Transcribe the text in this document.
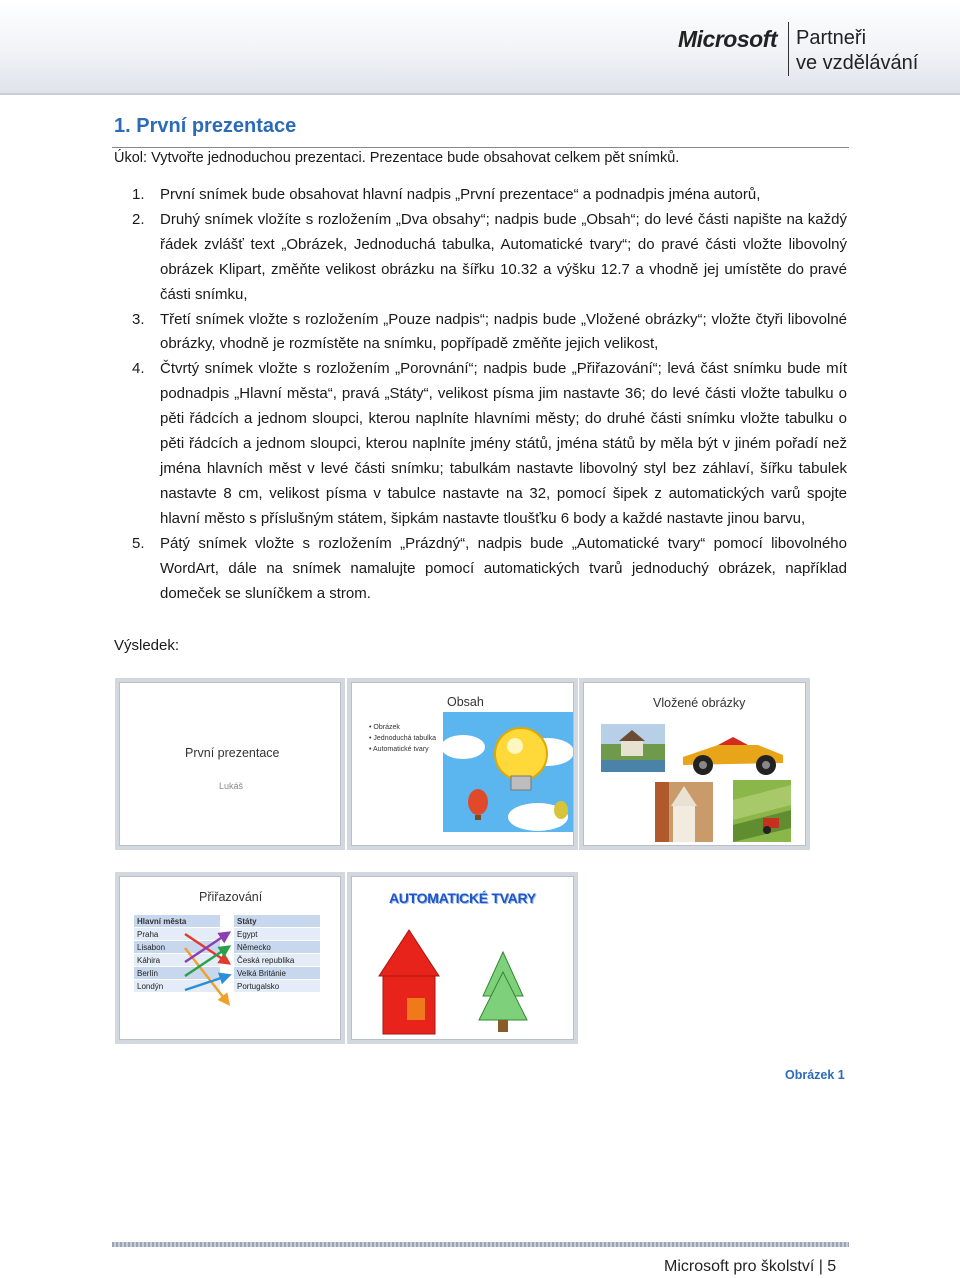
Microsoft Partneři
ve vzdělávání
1. První prezentace
Úkol: Vytvořte jednoduchou prezentaci. Prezentace bude obsahovat celkem pět snímků.
1. První snímek bude obsahovat hlavní nadpis „První prezentace“ a podnadpis jména autorů,
2. Druhý snímek vložíte s rozložením „Dva obsahy“; nadpis bude „Obsah“; do levé části napište na každý řádek zvlášť text „Obrázek, Jednoduchá tabulka, Automatické tvary“; do pravé části vložte libovolný obrázek Klipart, změňte velikost obrázku na šířku 10.32 a výšku 12.7 a vhodně jej umístěte do pravé části snímku,
3. Třetí snímek vložte s rozložením „Pouze nadpis“; nadpis bude „Vložené obrázky“; vložte čtyři libovolné obrázky, vhodně je rozmístěte na snímku, popřípadě změňte jejich velikost,
4. Čtvrtý snímek vložte s rozložením „Porovnání“; nadpis bude „Přiřazování“; levá část snímku bude mít podnadpis „Hlavní města“, pravá „Státy“, velikost písma jim nastavte 36; do levé části vložte tabulku o pěti řádcích a jednom sloupci, kterou naplníte hlavními městy; do druhé části snímku vložte tabulku o pěti řádcích a jednom sloupci, kterou naplníte jmény států, jména států by měla být v jiném pořadí než jména hlavních měst v levé části snímku; tabulkám nastavte libovolný styl bez záhlaví, šířku tabulek nastavte 8 cm, velikost písma v tabulce nastavte na 32, pomocí šipek z automatických varů spojte hlavní město s příslušným státem, šipkám nastavte tloušťku 6 body a každé nastavte jinou barvu,
5. Pátý snímek vložte s rozložením „Prázdný“, nadpis bude „Automatické tvary“ pomocí libovolného WordArt, dále na snímek namalujte pomocí automatických tvarů jednoduchý obrázek, například domeček se sluníčkem a strom.
Výsledek:
První prezentace
Lukáš
Obsah
• Obrázek
• Jednoduchá tabulka
• Automatické tvary
Vložené obrázky
Přiřazování
Hlavní města
Praha
Lisabon
Káhira
Berlín
Londýn
Státy
Egypt
Německo
Česká republika
Velká Británie
Portugalsko
AUTOMATICKÉ TVARY
Obrázek 1
Microsoft pro školství | 5
